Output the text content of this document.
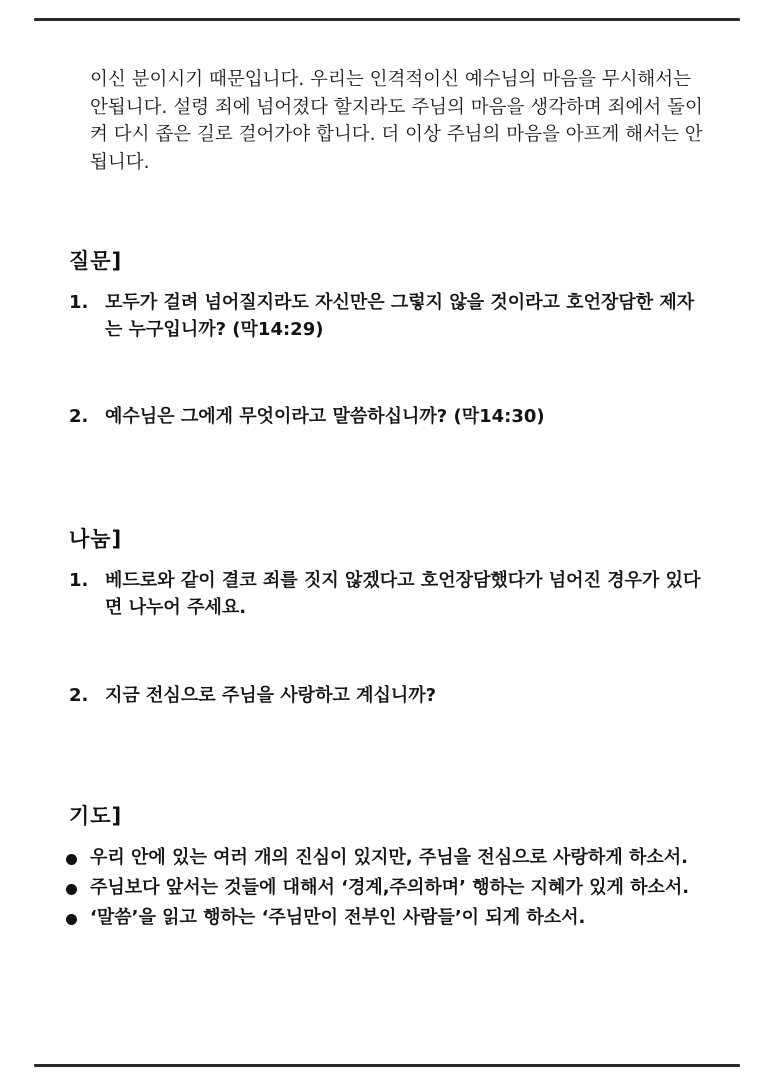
이신 분이시기 때문입니다. 우리는 인격적이신 예수님의 마음을 무시해서는 안됩니다. 설령 죄에 넘어졌다 할지라도 주님의 마음을 생각하며 죄에서 돌이켜 다시 좁은 길로 걸어가야 합니다. 더 이상 주님의 마음을 아프게 해서는 안됩니다.

질문]
1. 모두가 걸려 넘어질지라도 자신만은 그렇지 않을 것이라고 호언장담한 제자는 누구입니까? (막14:29)
2. 예수님은 그에게 무엇이라고 말씀하십니까? (막14:30)
나눔]
1. 베드로와 같이 결코 죄를 짓지 않겠다고 호언장담했다가 넘어진 경우가 있다면 나누어 주세요.
2. 지금 전심으로 주님을 사랑하고 계십니까?
기도]
우리 안에 있는 여러 개의 진심이 있지만, 주님을 전심으로 사랑하게 하소서.
주님보다 앞서는 것들에 대해서 ‘경계,주의하며’ 행하는 지혜가 있게 하소서.
‘말씀’을 읽고 행하는 ‘주님만이 전부인 사람들’이 되게 하소서.
